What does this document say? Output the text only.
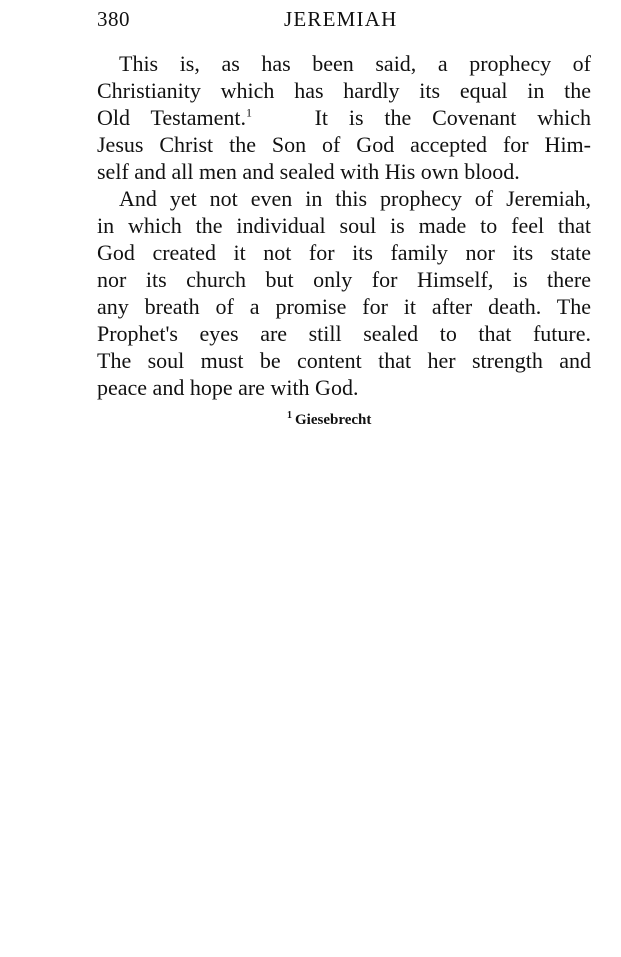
380	JEREMIAH

This is, as has been said, a prophecy of
Christianity which has hardly its equal in the
Old Testament.$^1$	It is the Covenant which
Jesus Christ the Son of God accepted for Him-
self and all men and sealed with His own blood.

And yet not even in this prophecy of Jeremiah,
in which the individual soul is made to feel that
God created it not for its family nor its state
nor its church but only for Himself, is there
any breath of a promise for it after death. The
Prophet's eyes are still sealed to that future.
The soul must be content that her strength and
peace and hope are with God.

$^1$ Giesebrecht
